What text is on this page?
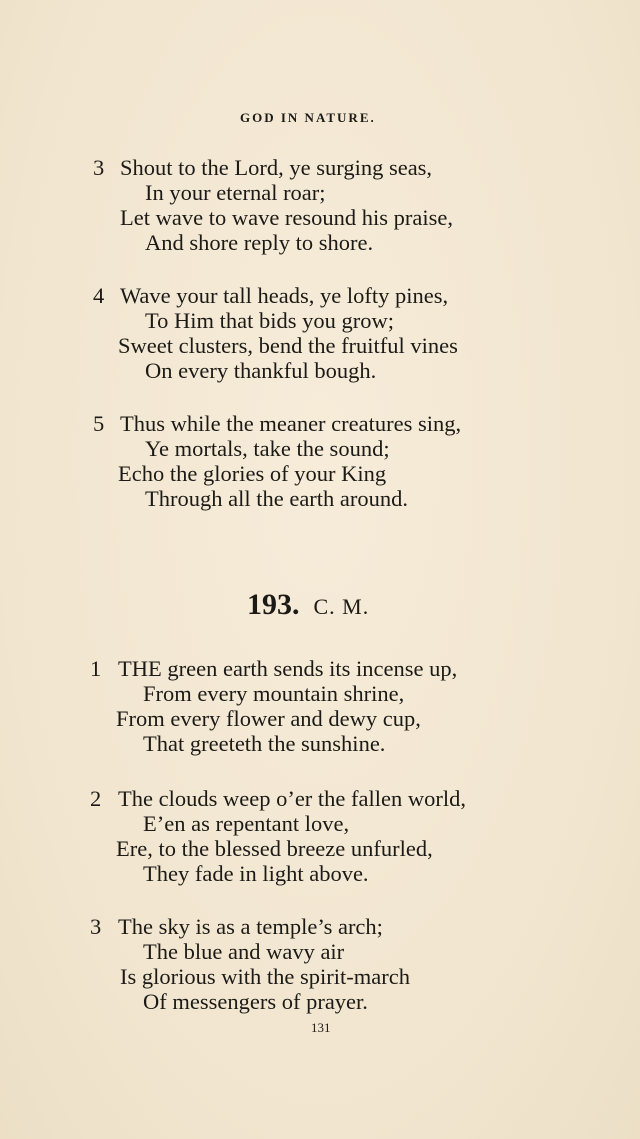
GOD IN NATURE.
3 Shout to the Lord, ye surging seas,
In your eternal roar;
Let wave to wave resound his praise,
And shore reply to shore.
4 Wave your tall heads, ye lofty pines,
To Him that bids you grow;
Sweet clusters, bend the fruitful vines
On every thankful bough.
5 Thus while the meaner creatures sing,
Ye mortals, take the sound;
Echo the glories of your King
Through all the earth around.
193. C. M.
1 THE green earth sends its incense up,
From every mountain shrine,
From every flower and dewy cup,
That greeteth the sunshine.
2 The clouds weep o’er the fallen world,
E’en as repentant love,
Ere, to the blessed breeze unfurled,
They fade in light above.
3 The sky is as a temple’s arch;
The blue and wavy air
Is glorious with the spirit-march
Of messengers of prayer.
131
